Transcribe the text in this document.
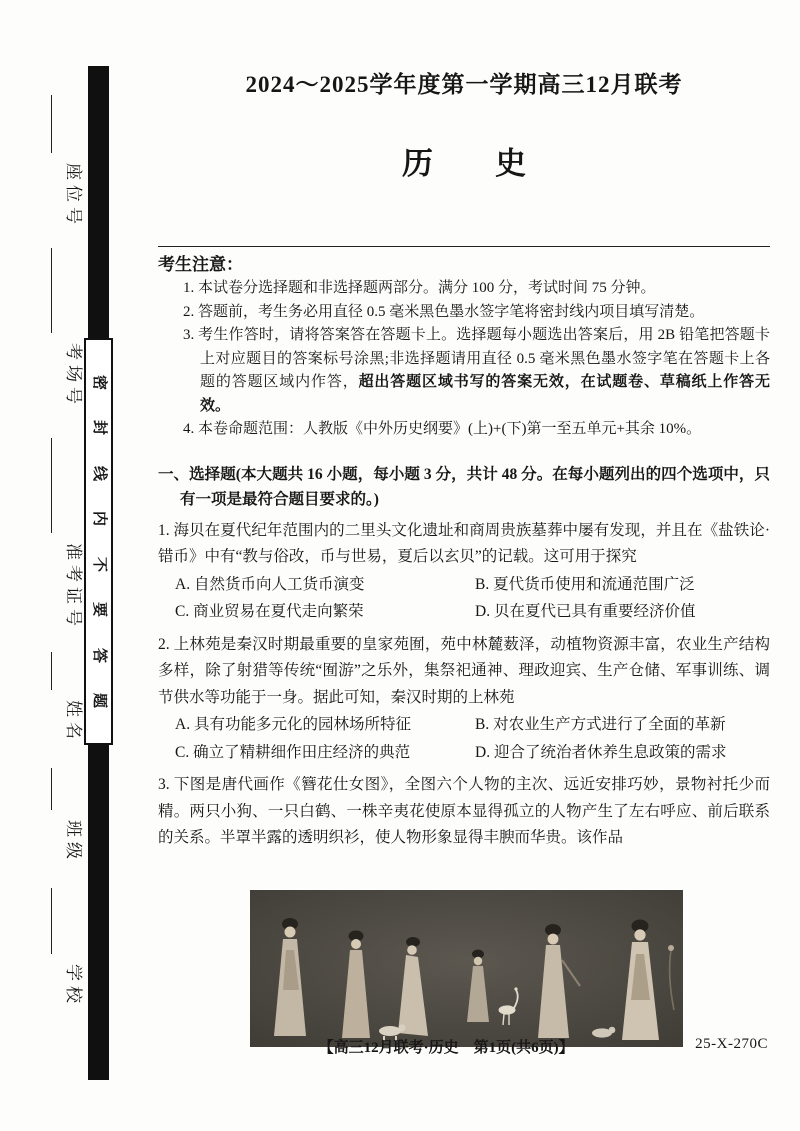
座位号
考场号
准考证号
姓名
班级
学校
密
封
线
内
不
要
答
题
2024～2025学年度第一学期高三12月联考
历　　史
考生注意：
1. 本试卷分选择题和非选择题两部分。满分 100 分，考试时间 75 分钟。
2. 答题前，考生务必用直径 0.5 毫米黑色墨水签字笔将密封线内项目填写清楚。
3. 考生作答时，请将答案答在答题卡上。选择题每小题选出答案后，用 2B 铅笔把答题卡上对应题目的答案标号涂黑;非选择题请用直径 0.5 毫米黑色墨水签字笔在答题卡上各题的答题区域内作答，超出答题区域书写的答案无效，在试题卷、草稿纸上作答无效。
4. 本卷命题范围：人教版《中外历史纲要》(上)+(下)第一至五单元+其余 10%。
一、选择题(本大题共 16 小题，每小题 3 分，共计 48 分。在每小题列出的四个选项中，只有一项是最符合题目要求的。)
1. 海贝在夏代纪年范围内的二里头文化遗址和商周贵族墓葬中屡有发现，并且在《盐铁论·错币》中有“教与俗改，币与世易，夏后以玄贝”的记载。这可用于探究
A. 自然货币向人工货币演变	B. 夏代货币使用和流通范围广泛
C. 商业贸易在夏代走向繁荣	D. 贝在夏代已具有重要经济价值
2. 上林苑是秦汉时期最重要的皇家苑囿，苑中林麓薮泽，动植物资源丰富，农业生产结构多样，除了射猎等传统“囿游”之乐外，集祭祀通神、理政迎宾、生产仓储、军事训练、调节供水等功能于一身。据此可知，秦汉时期的上林苑
A. 具有功能多元化的园林场所特征	B. 对农业生产方式进行了全面的革新
C. 确立了精耕细作田庄经济的典范	D. 迎合了统治者休养生息政策的需求
3. 下图是唐代画作《簪花仕女图》，全图六个人物的主次、远近安排巧妙，景物衬托少而精。两只小狗、一只白鹤、一株辛夷花使原本显得孤立的人物产生了左右呼应、前后联系的关系。半罩半露的透明织衫，使人物形象显得丰腴而华贵。该作品
【高三12月联考·历史　第1页(共6页)】	25-X-270C
